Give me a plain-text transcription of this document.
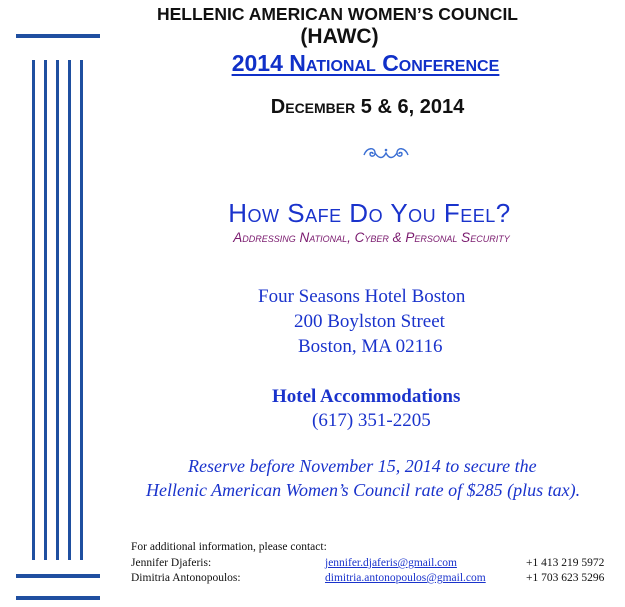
HELLENIC AMERICAN WOMEN’S COUNCIL
(HAWC)
2014 National Conference
December 5 & 6, 2014
How Safe Do You Feel?
Addressing National, Cyber & Personal Security
Four Seasons Hotel Boston
200 Boylston Street
Boston, MA 02116
Hotel Accommodations
(617) 351-2205
Reserve before November 15, 2014 to secure the
Hellenic American Women’s Council rate of $285 (plus tax).
For additional information, please contact:
Jennifer Djaferis:	jennifer.djaferis@gmail.com	+1 413 219 5972
Dimitria Antonopoulos:	dimitria.antonopoulos@gmail.com	+1 703 623 5296
